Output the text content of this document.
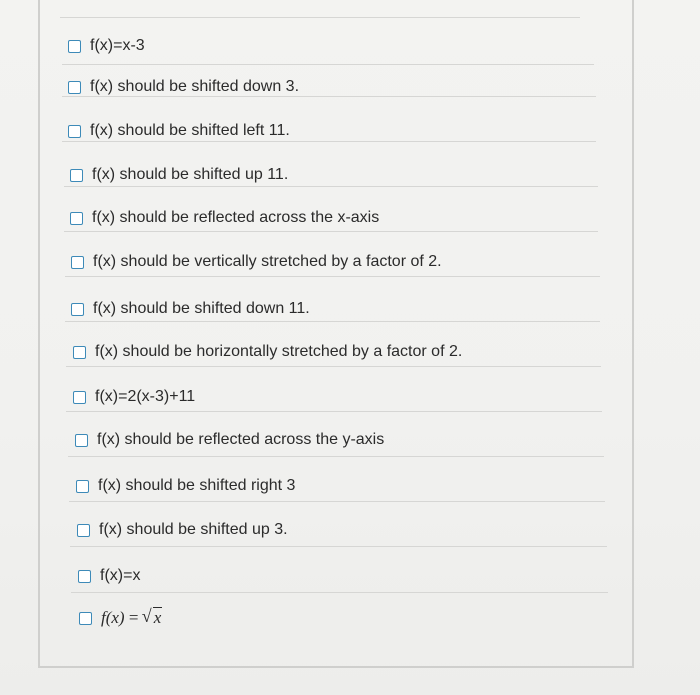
f(x)=x-3
f(x) should be shifted down 3.
f(x) should be shifted left 11.
f(x) should be shifted up 11.
f(x) should be reflected across the x-axis
f(x) should be vertically stretched by a factor of 2.
f(x) should be shifted down 11.
f(x) should be horizontally stretched by a factor of 2.
f(x)=2(x-3)+11
f(x) should be reflected across the y-axis
f(x) should be shifted right 3
f(x) should be shifted up 3.
f(x)=x
f(x) = √ x
